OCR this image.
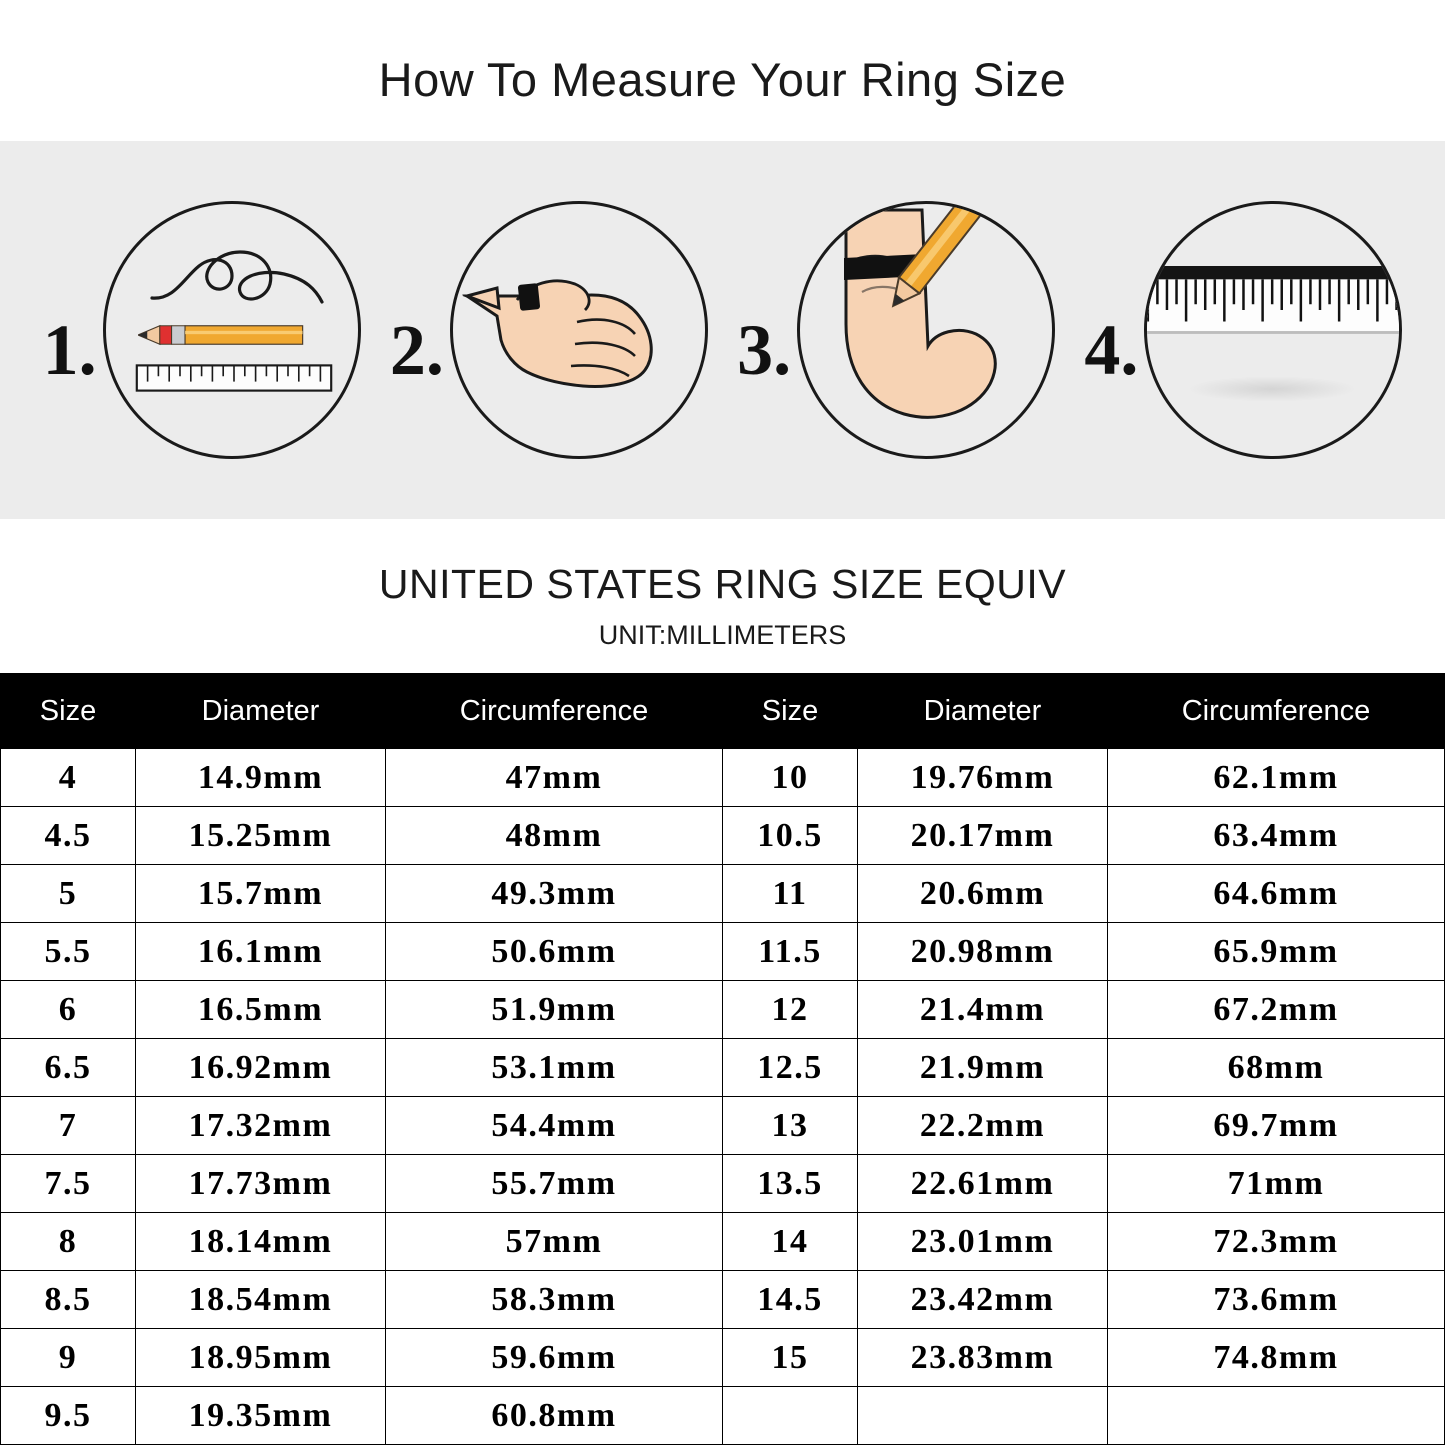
How To Measure Your Ring Size
1.	2.	3.	4.
UNITED STATES RING SIZE EQUIV
UNIT:MILLIMETERS
Size	Diameter	Circumference	Size	Diameter	Circumference
4	14.9mm	47mm	10	19.76mm	62.1mm
4.5	15.25mm	48mm	10.5	20.17mm	63.4mm
5	15.7mm	49.3mm	11	20.6mm	64.6mm
5.5	16.1mm	50.6mm	11.5	20.98mm	65.9mm
6	16.5mm	51.9mm	12	21.4mm	67.2mm
6.5	16.92mm	53.1mm	12.5	21.9mm	68mm
7	17.32mm	54.4mm	13	22.2mm	69.7mm
7.5	17.73mm	55.7mm	13.5	22.61mm	71mm
8	18.14mm	57mm	14	23.01mm	72.3mm
8.5	18.54mm	58.3mm	14.5	23.42mm	73.6mm
9	18.95mm	59.6mm	15	23.83mm	74.8mm
9.5	19.35mm	60.8mm			
